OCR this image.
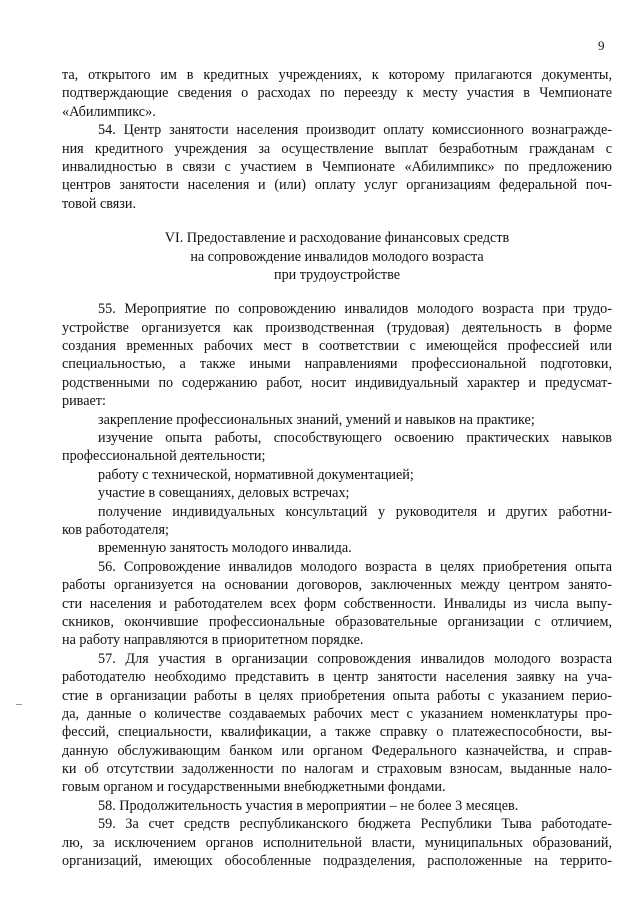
9
та, открытого им в кредитных учреждениях, к которому прилагаются документы,
подтверждающие сведения о расходах по переезду к месту участия в Чемпионате
«Абилимпикс».
54. Центр занятости населения производит оплату комиссионного вознагражде-
ния кредитного учреждения за осуществление выплат безработным гражданам с
инвалидностью в связи с участием в Чемпионате «Абилимпикс» по предложению
центров занятости населения и (или) оплату услуг организациям федеральной поч-
товой связи.
VI. Предоставление и расходование финансовых средств
на сопровождение инвалидов молодого возраста
при трудоустройстве
55. Мероприятие по сопровождению инвалидов молодого возраста при трудо-
устройстве организуется как производственная (трудовая) деятельность в форме
создания временных рабочих мест в соответствии с имеющейся профессией или
специальностью, а также иными направлениями профессиональной подготовки,
родственными по содержанию работ, носит индивидуальный характер и предусмат-
ривает:
закрепление профессиональных знаний, умений и навыков на практике;
изучение опыта работы, способствующего освоению практических навыков
профессиональной деятельности;
работу с технической, нормативной документацией;
участие в совещаниях, деловых встречах;
получение индивидуальных консультаций у руководителя и других работни-
ков работодателя;
временную занятость молодого инвалида.
56. Сопровождение инвалидов молодого возраста в целях приобретения опыта
работы организуется на основании договоров, заключенных между центром занято-
сти населения и работодателем всех форм собственности. Инвалиды из числа выпу-
скников, окончившие профессиональные образовательные организации с отличием,
на работу направляются в приоритетном порядке.
57. Для участия в организации сопровождения инвалидов молодого возраста
работодателю необходимо представить в центр занятости населения заявку на уча-
стие в организации работы в целях приобретения опыта работы с указанием перио-
да, данные о количестве создаваемых рабочих мест с указанием номенклатуры про-
фессий, специальности, квалификации, а также справку о платежеспособности, вы-
данную обслуживающим банком или органом Федерального казначейства, и справ-
ки об отсутствии задолженности по налогам и страховым взносам, выданные нало-
говым органом и государственными внебюджетными фондами.
58. Продолжительность участия в мероприятии – не более 3 месяцев.
59. За счет средств республиканского бюджета Республики Тыва работодате-
лю, за исключением органов исполнительной власти, муниципальных образований,
организаций, имеющих обособленные подразделения, расположенные на террито-
